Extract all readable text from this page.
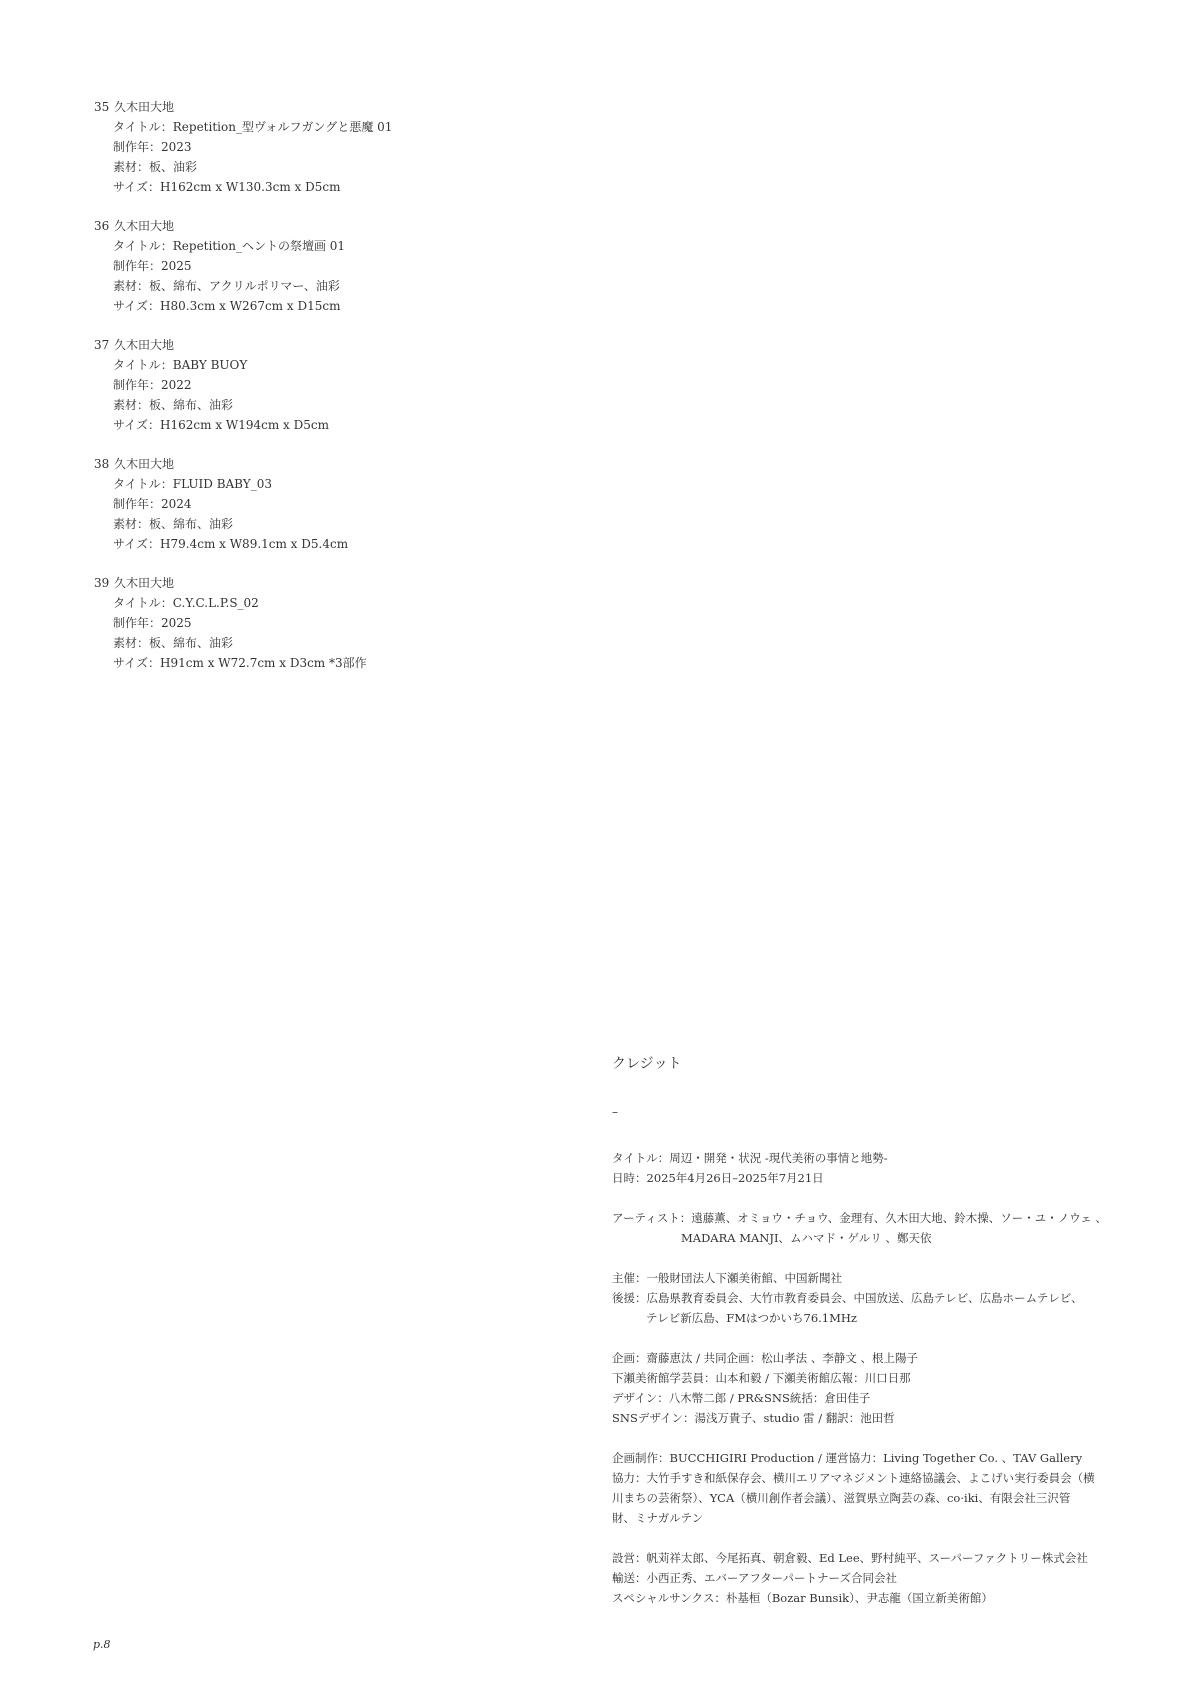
35 久木田大地
タイトル：Repetition_型ヴォルフガングと悪魔 01
制作年：2023
素材：板、油彩
サイズ：H162cm x W130.3cm x D5cm
36 久木田大地
タイトル：Repetition_ヘントの祭壇画 01
制作年：2025
素材：板、綿布、アクリルポリマー、油彩
サイズ：H80.3cm x W267cm x D15cm
37 久木田大地
タイトル：BABY BUOY
制作年：2022
素材：板、綿布、油彩
サイズ：H162cm x W194cm x D5cm
38 久木田大地
タイトル：FLUID BABY_03
制作年：2024
素材：板、綿布、油彩
サイズ：H79.4cm x W89.1cm x D5.4cm
39 久木田大地
タイトル：C.Y.C.L.P.S_02
制作年：2025
素材：板、綿布、油彩
サイズ：H91cm x W72.7cm x D3cm *3部作
クレジット
–
タイトル：周辺・開発・状況 -現代美術の事情と地勢-
日時：2025年4月26日–2025年7月21日
アーティスト：遠藤薫、オミョウ・チョウ、金理有、久木田大地、鈴木操、ソー・ユ・ノウェ 、
MADARA MANJI、ムハマド・ゲルリ 、鄭天依
主催：一般財団法人下瀬美術館、中国新聞社
後援：広島県教育委員会、大竹市教育委員会、中国放送、広島テレビ、広島ホームテレビ、
テレビ新広島、FMはつかいち76.1MHz
企画：齋藤恵汰 / 共同企画：松山孝法 、李静文 、根上陽子
下瀬美術館学芸員：山本和毅 / 下瀬美術館広報：川口日那
デザイン：八木幣二郎 / PR&SNS統括：倉田佳子
SNSデザイン：湯浅万貴子、studio 雷 / 翻訳：池田哲
企画制作：BUCCHIGIRI Production / 運営協力：Living Together Co. 、TAV Gallery
協力：大竹手すき和紙保存会、横川エリアマネジメント連絡協議会、よこげい実行委員会（横
川まちの芸術祭）、YCA（横川創作者会議）、滋賀県立陶芸の森、co·iki、有限会社三沢管
財、ミナガルテン
設営：帆苅祥太郎、今尾拓真、朝倉毅、Ed Lee、野村純平、スーパーファクトリー株式会社
輸送：小西正秀、エバーアフターパートナーズ合同会社
スペシャルサンクス：朴基桓（Bozar Bunsik）、尹志龍（国立新美術館）
p.8
